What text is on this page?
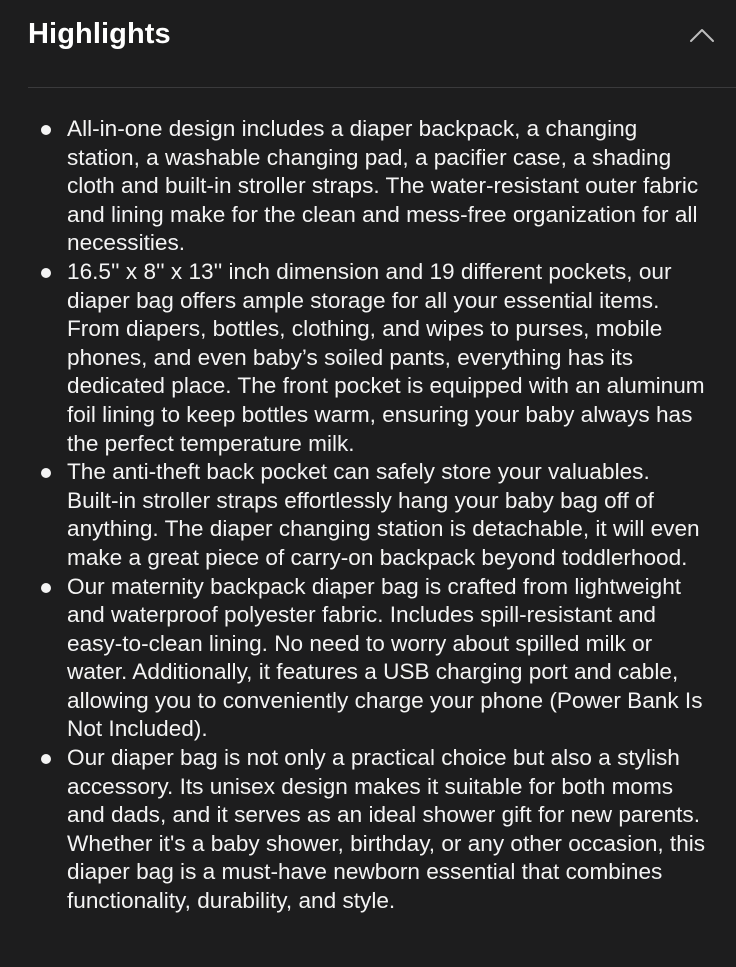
Highlights
All-in-one design includes a diaper backpack, a changing station, a washable changing pad, a pacifier case, a shading cloth and built-in stroller straps. The water-resistant outer fabric and lining make for the clean and mess-free organization for all necessities.
16.5'' x 8'' x 13'' inch dimension and 19 different pockets, our diaper bag offers ample storage for all your essential items. From diapers, bottles, clothing, and wipes to purses, mobile phones, and even baby’s soiled pants, everything has its dedicated place. The front pocket is equipped with an aluminum foil lining to keep bottles warm, ensuring your baby always has the perfect temperature milk.
The anti-theft back pocket can safely store your valuables. Built-in stroller straps effortlessly hang your baby bag off of anything. The diaper changing station is detachable, it will even make a great piece of carry-on backpack beyond toddlerhood.
Our maternity backpack diaper bag is crafted from lightweight and waterproof polyester fabric. Includes spill-resistant and easy-to-clean lining. No need to worry about spilled milk or water. Additionally, it features a USB charging port and cable, allowing you to conveniently charge your phone (Power Bank Is Not Included).
Our diaper bag is not only a practical choice but also a stylish accessory. Its unisex design makes it suitable for both moms and dads, and it serves as an ideal shower gift for new parents. Whether it's a baby shower, birthday, or any other occasion, this diaper bag is a must-have newborn essential that combines functionality, durability, and style.
